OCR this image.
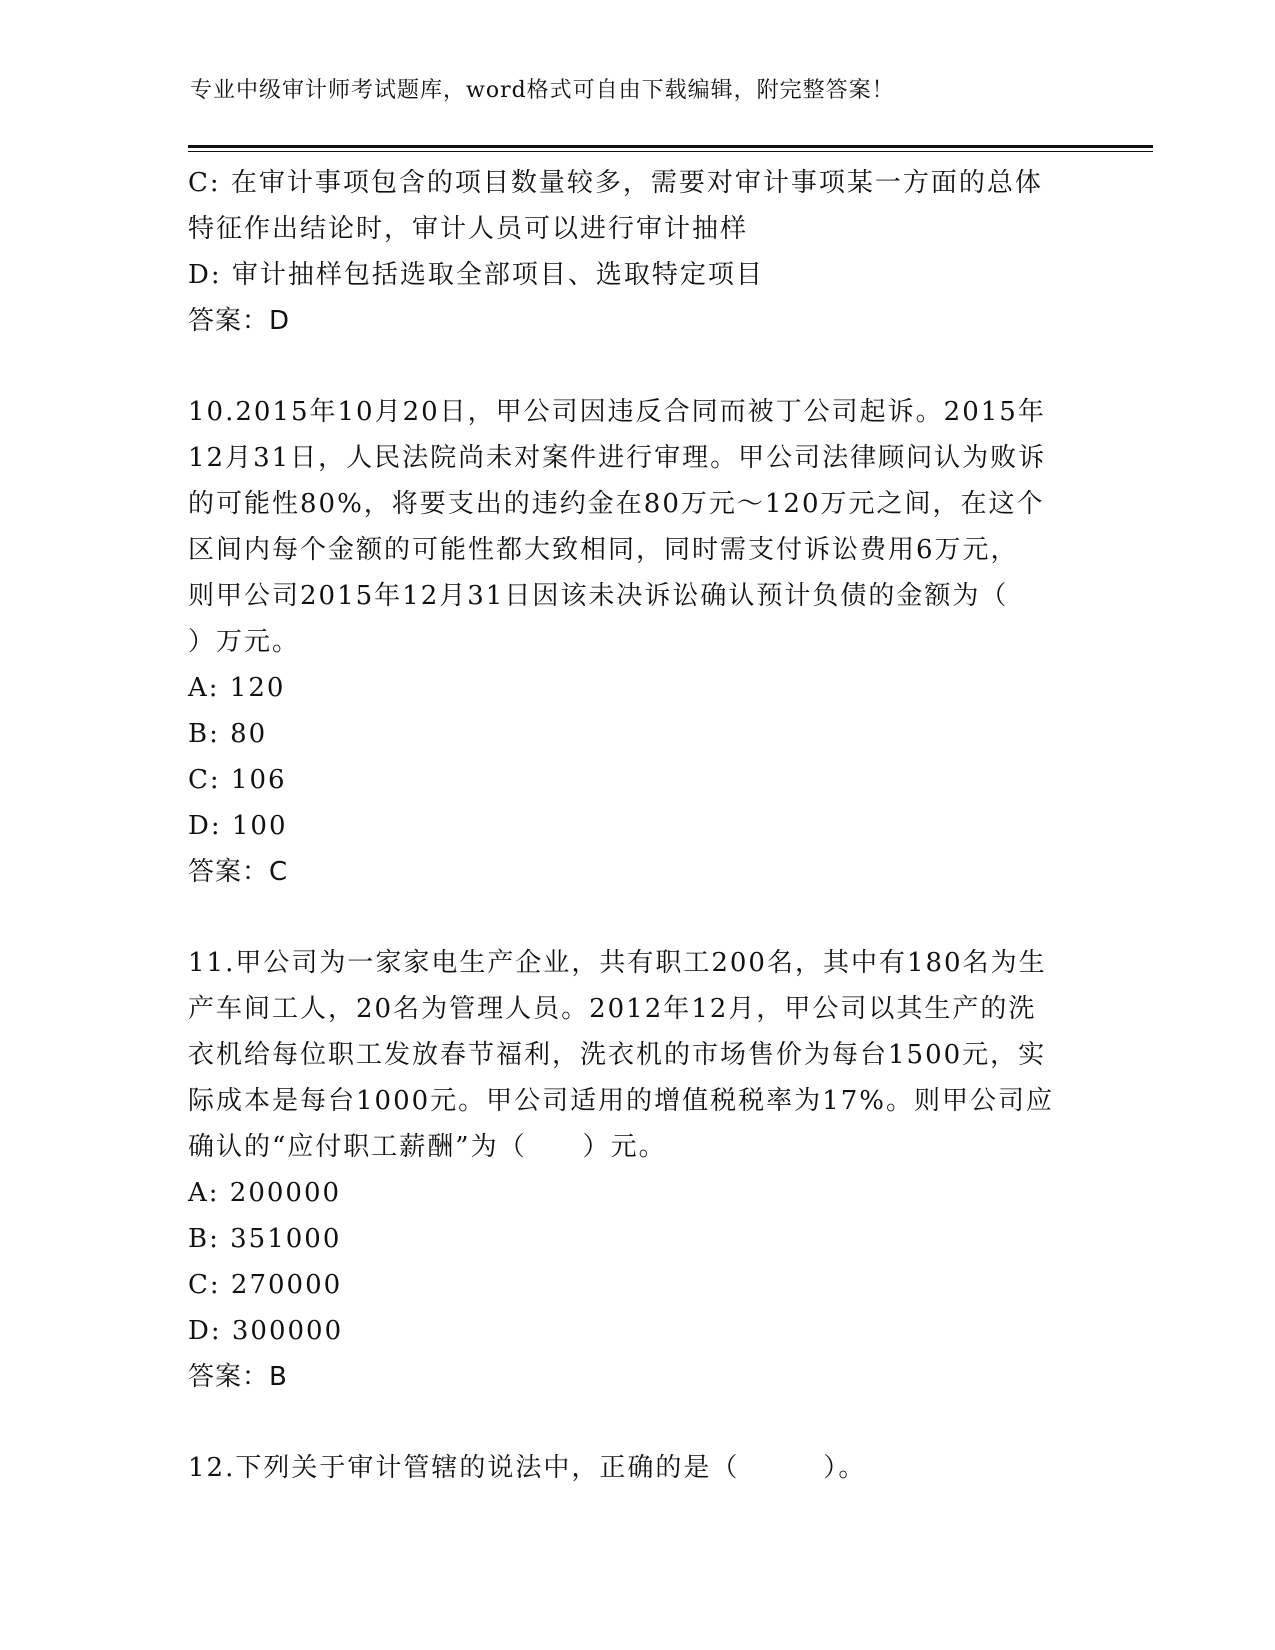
专业中级审计师考试题库，word格式可自由下载编辑，附完整答案！
C: 在审计事项包含的项目数量较多，需要对审计事项某一方面的总体
特征作出结论时，审计人员可以进行审计抽样
D: 审计抽样包括选取全部项目、选取特定项目
答案：D
10.2015年10月20日，甲公司因违反合同而被丁公司起诉。2015年
12月31日，人民法院尚未对案件进行审理。甲公司法律顾问认为败诉
的可能性80%，将要支出的违约金在80万元～120万元之间，在这个
区间内每个金额的可能性都大致相同，同时需支付诉讼费用6万元，
则甲公司2015年12月31日因该未决诉讼确认预计负债的金额为（
）万元。
A: 120
B: 80
C: 106
D: 100
答案：C
11.甲公司为一家家电生产企业，共有职工200名，其中有180名为生
产车间工人，20名为管理人员。2012年12月，甲公司以其生产的洗
衣机给每位职工发放春节福利，洗衣机的市场售价为每台1500元，实
际成本是每台1000元。甲公司适用的增值税税率为17%。则甲公司应
确认的“应付职工薪酬”为（　　）元。
A: 200000
B: 351000
C: 270000
D: 300000
答案：B
12.下列关于审计管辖的说法中，正确的是（　　　）。
